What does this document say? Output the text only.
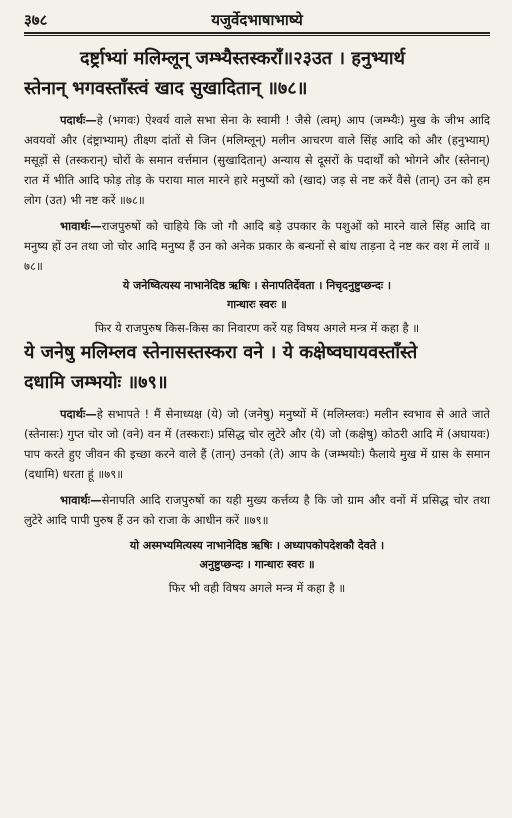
३७८	यजुर्वेदभाषाभाष्ये
दर्ष्ट्राभ्यां मलिम्लून् जम्भ्यैस्तस्कराँ॥२३उत । हनुभ्यार्थ
स्तेनान् भगवस्ताँस्त्वं खाद सुखादितान् ॥७८॥

पदार्थः—हे (भगवः) ऐश्वर्य वाले सभा सेना के स्वामी ! जैसे (त्वम्) आप (जम्भ्यैः) मुख के जीभ आदि अवयवों और (दंष्ट्राभ्याम्) तीक्ष्ण दांतों से जिन (मलिम्लून्) मलीन आचरण वाले सिंह आदि को और (हनुभ्याम्) मसूड़ों से (तस्करान्) चोरों के समान वर्त्तमान (सुखादितान्) अन्याय से दूसरों के पदार्थों को भोगने और (स्तेनान्) रात में भीति आदि फोड़ तोड़ के पराया माल मारने हारे मनुष्यों को (खाद) जड़ से नष्ट करें वैसे (तान्) उन को हम लोग (उत) भी नष्ट करें ॥७८॥

भावार्थः—राजपुरुषों को चाहिये कि जो गौ आदि बड़े उपकार के पशुओं को मारने वाले सिंह आदि वा मनुष्य हों उन तथा जो चोर आदि मनुष्य हैं उन को अनेक प्रकार के बन्धनों से बांध ताड़ना दे नष्ट कर वश में लावें ॥७८॥

ये जनेष्वित्यस्य नाभानेदिष्ठ ऋषिः । सेनापतिर्देवता । निचृदनुष्टुप्छन्दः ।
गान्धारः स्वरः ॥
फिर ये राजपुरुष किस-किस का निवारण करें यह विषय अगले मन्त्र में कहा है ॥
ये जनेषु मलिम्लव स्तेनासस्तस्करा वने । ये कक्षेष्वघायवस्ताँस्ते
दधामि जम्भयोः ॥७९॥

पदार्थः—हे सभापते ! मैं सेनाध्यक्ष (ये) जो (जनेषु) मनुष्यों में (मलिम्लवः) मलीन स्वभाव से आते जाते (स्तेनासः) गुप्त चोर जो (वने) वन में (तस्कराः) प्रसिद्ध चोर लुटेरे और (ये) जो (कक्षेषु) कोठरी आदि में (अघायवः) पाप करते हुए जीवन की इच्छा करने वाले हैं (तान्) उनको (ते) आप के (जम्भयोः) फैलाये मुख में ग्रास के समान (दधामि) धरता हूं ॥७९॥

भावार्थः—सेनापति आदि राजपुरुषों का यही मुख्य कर्त्तव्य है कि जो ग्राम और वनों में प्रसिद्ध चोर तथा लुटेरे आदि पापी पुरुष हैं उन को राजा के आधीन करें ॥७९॥

यो अस्मभ्यमित्यस्य नाभानेदिष्ठ ऋषिः । अध्यापकोपदेशकौ देवते ।
अनुष्टुप्छन्दः । गान्धारः स्वरः ॥
फिर भी वही विषय अगले मन्त्र में कहा है ॥
